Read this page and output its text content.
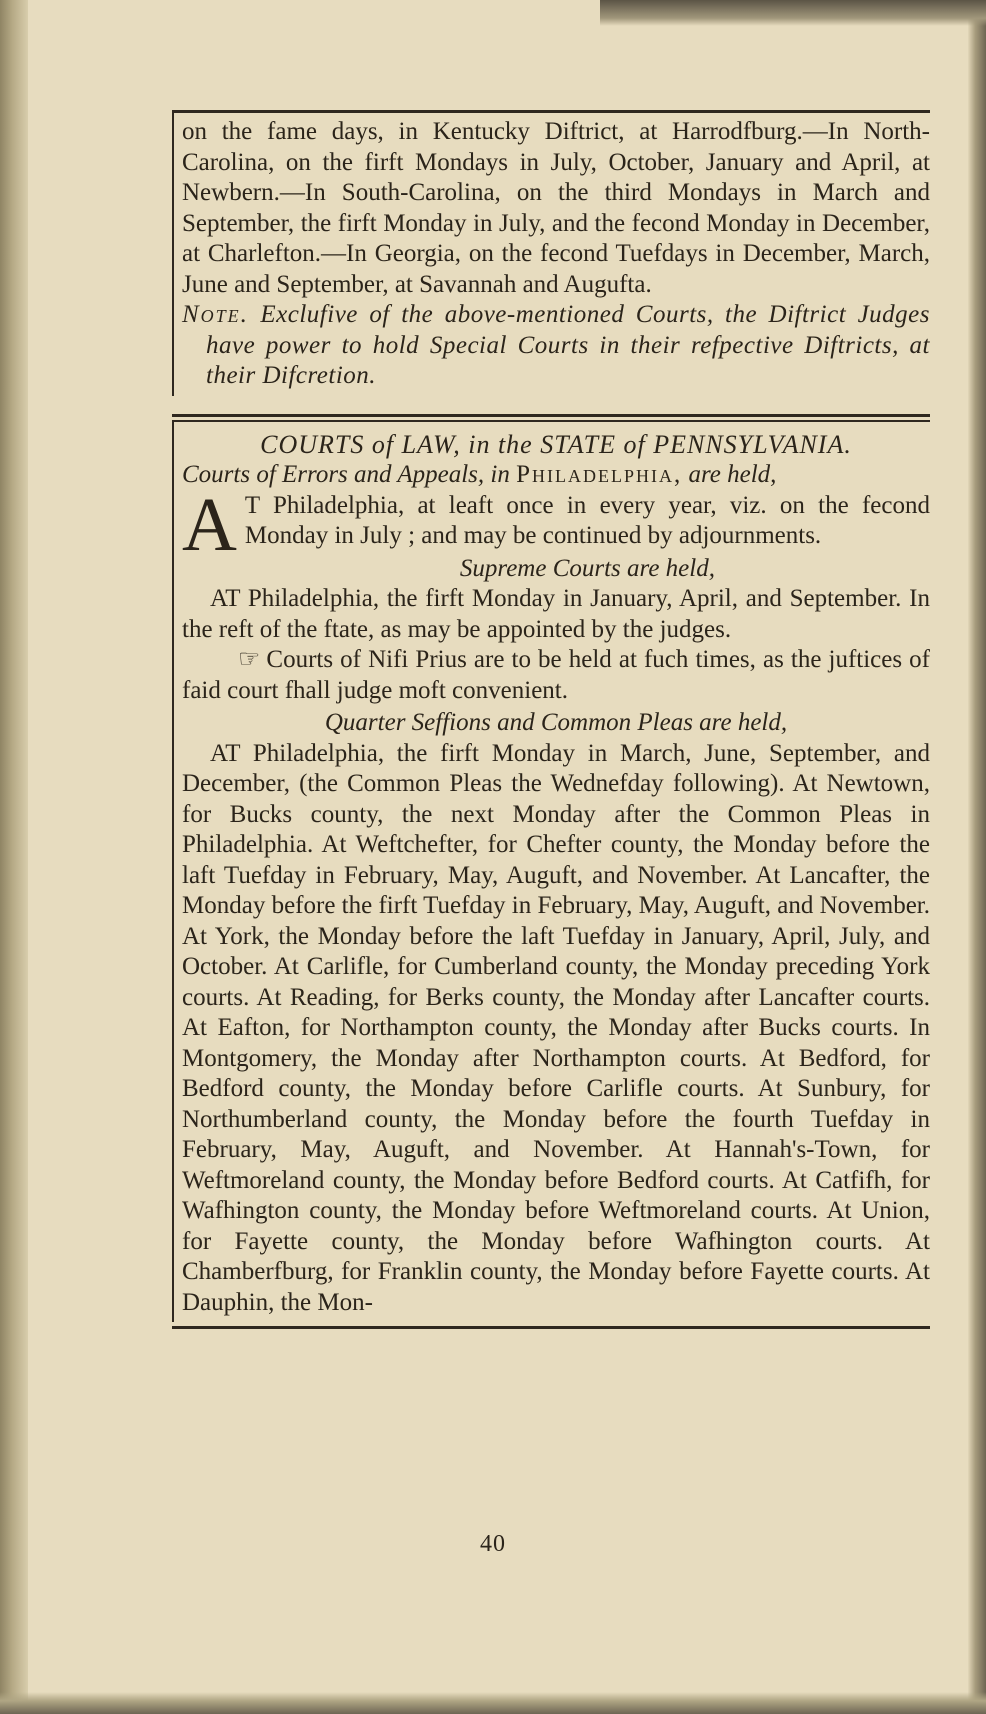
on the fame days, in Kentucky Diftrict, at Harrodfburg.—In North-Carolina, on the firft Mondays in July, October, January and April, at Newbern.—In South-Carolina, on the third Mondays in March and September, the firft Monday in July, and the fecond Monday in December, at Charlefton.—In Georgia, on the fecond Tuefdays in December, March, June and September, at Savannah and Augufta.

Note. Exclufive of the above-mentioned Courts, the Diftrict Judges have power to hold Special Courts in their refpective Diftricts, at their Difcretion.

COURTS of LAW, in the STATE of PENNSYLVANIA.

Courts of Errors and Appeals, in Philadelphia, are held,

A T Philadelphia, at leaft once in every year, viz. on the fecond Monday in July ; and may be continued by adjournments.

Supreme Courts are held,

AT Philadelphia, the firft Monday in January, April, and September. In the reft of the ftate, as may be appointed by the judges.

☞ Courts of Nifi Prius are to be held at fuch times, as the juftices of faid court fhall judge moft convenient.

Quarter Seffions and Common Pleas are held,

AT Philadelphia, the firft Monday in March, June, September, and December, (the Common Pleas the Wednefday following). At Newtown, for Bucks county, the next Monday after the Common Pleas in Philadelphia. At Weftchefter, for Chefter county, the Monday before the laft Tuefday in February, May, Auguft, and November. At Lancafter, the Monday before the firft Tuefday in February, May, Auguft, and November. At York, the Monday before the laft Tuefday in January, April, July, and October. At Carlifle, for Cumberland county, the Monday preceding York courts. At Reading, for Berks county, the Monday after Lancafter courts. At Eafton, for Northampton county, the Monday after Bucks courts. In Montgomery, the Monday after Northampton courts. At Bedford, for Bedford county, the Monday before Carlifle courts. At Sunbury, for Northumberland county, the Monday before the fourth Tuefday in February, May, Auguft, and November. At Hannah's-Town, for Weftmoreland county, the Monday before Bedford courts. At Catfifh, for Wafhington county, the Monday before Weftmoreland courts. At Union, for Fayette county, the Monday before Wafhington courts. At Chamberfburg, for Franklin county, the Monday before Fayette courts. At Dauphin, the Mon-

40
